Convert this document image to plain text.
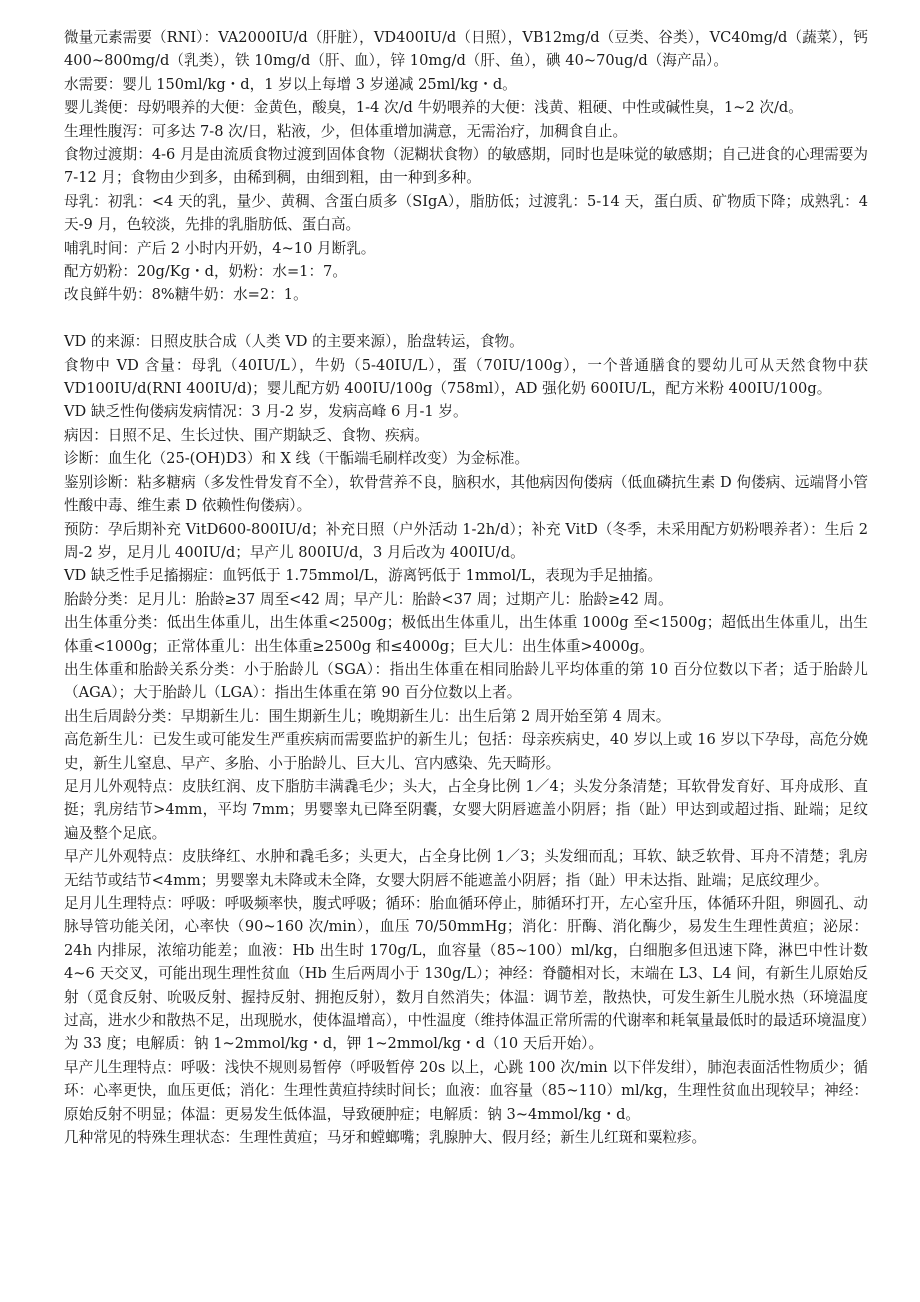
微量元素需要（RNI）：VA2000IU/d（肝脏），VD400IU/d（日照），VB12mg/d（豆类、谷类），VC40mg/d（蔬菜），钙 400~800mg/d（乳类），铁 10mg/d（肝、血），锌 10mg/d（肝、鱼），碘 40~70ug/d（海产品）。

水需要：婴儿 150ml/kg・d，1 岁以上每增 3 岁递减 25ml/kg・d。

婴儿粪便：母奶喂养的大便：金黄色，酸臭，1-4 次/d 牛奶喂养的大便：浅黄、粗硬、中性或碱性臭，1~2 次/d。

生理性腹泻：可多达 7-8 次/日，粘液，少，但体重增加满意，无需治疗，加稠食自止。

食物过渡期：4-6 月是由流质食物过渡到固体食物（泥糊状食物）的敏感期，同时也是味觉的敏感期；自己进食的心理需要为 7-12 月；食物由少到多，由稀到稠，由细到粗，由一种到多种。

母乳：初乳：<4 天的乳，量少、黄稠、含蛋白质多（SIgA），脂肪低；过渡乳：5-14 天，蛋白质、矿物质下降；成熟乳：4 天-9 月，色较淡，先排的乳脂肪低、蛋白高。

哺乳时间：产后 2 小时内开奶，4~10 月断乳。

配方奶粉：20g/Kg・d，奶粉：水=1：7。

改良鲜牛奶：8%糖牛奶：水=2：1。

VD 的来源：日照皮肤合成（人类 VD 的主要来源），胎盘转运，食物。

食物中 VD 含量：母乳（40IU/L），牛奶（5-40IU/L），蛋（70IU/100g），一个普通膳食的婴幼儿可从天然食物中获 VD100IU/d(RNI 400IU/d)；婴儿配方奶 400IU/100g（758ml），AD 强化奶 600IU/L，配方米粉 400IU/100g。

VD 缺乏性佝偻病发病情况：3 月-2 岁，发病高峰 6 月-1 岁。

病因：日照不足、生长过快、围产期缺乏、食物、疾病。

诊断：血生化（25-(OH)D3）和 X 线（干骺端毛刷样改变）为金标准。

鉴别诊断：粘多糖病（多发性骨发育不全），软骨营养不良，脑积水，其他病因佝偻病（低血磷抗生素 D 佝偻病、远端肾小管性酸中毒、维生素 D 依赖性佝偻病）。

预防：孕后期补充 VitD600-800IU/d；补充日照（户外活动 1-2h/d）；补充 VitD（冬季，未采用配方奶粉喂养者）：生后 2 周-2 岁，足月儿 400IU/d；早产儿 800IU/d，3 月后改为 400IU/d。

VD 缺乏性手足搐搦症：血钙低于 1.75mmol/L，游离钙低于 1mmol/L，表现为手足抽搐。

胎龄分类：足月儿：胎龄≥37 周至<42 周；早产儿：胎龄<37 周；过期产儿：胎龄≥42 周。

出生体重分类：低出生体重儿，出生体重<2500g；极低出生体重儿，出生体重 1000g 至<1500g；超低出生体重儿，出生体重<1000g；正常体重儿：出生体重≥2500g 和≤4000g；巨大儿：出生体重>4000g。

出生体重和胎龄关系分类：小于胎龄儿（SGA）：指出生体重在相同胎龄儿平均体重的第 10 百分位数以下者；适于胎龄儿（AGA）；大于胎龄儿（LGA）：指出生体重在第 90 百分位数以上者。

出生后周龄分类：早期新生儿：围生期新生儿；晚期新生儿：出生后第 2 周开始至第 4 周末。

高危新生儿：已发生或可能发生严重疾病而需要监护的新生儿；包括：母亲疾病史，40 岁以上或 16 岁以下孕母，高危分娩史，新生儿窒息、早产、多胎、小于胎龄儿、巨大儿、宫内感染、先天畸形。

足月儿外观特点：皮肤红润、皮下脂肪丰满毳毛少；头大，占全身比例 1／4；头发分条清楚；耳软骨发育好、耳舟成形、直挺；乳房结节>4mm，平均 7mm；男婴睾丸已降至阴囊，女婴大阴唇遮盖小阴唇；指（趾）甲达到或超过指、趾端；足纹遍及整个足底。

早产儿外观特点：皮肤绛红、水肿和毳毛多；头更大，占全身比例 1／3；头发细而乱；耳软、缺乏软骨、耳舟不清楚；乳房无结节或结节<4mm；男婴睾丸未降或未全降，女婴大阴唇不能遮盖小阴唇；指（趾）甲未达指、趾端；足底纹理少。

足月儿生理特点：呼吸：呼吸频率快，腹式呼吸；循环：胎血循环停止，肺循环打开，左心室升压，体循环升阻，卵圆孔、动脉导管功能关闭，心率快（90~160 次/min），血压 70/50mmHg；消化：肝酶、消化酶少，易发生生理性黄疸；泌尿：24h 内排尿，浓缩功能差；血液：Hb 出生时 170g/L，血容量（85~100）ml/kg，白细胞多但迅速下降，淋巴中性计数 4~6 天交叉，可能出现生理性贫血（Hb 生后两周小于 130g/L）；神经：脊髓相对长，末端在 L3、L4 间，有新生儿原始反射（觅食反射、吮吸反射、握持反射、拥抱反射），数月自然消失；体温：调节差，散热快，可发生新生儿脱水热（环境温度过高，进水少和散热不足，出现脱水，使体温增高），中性温度（维持体温正常所需的代谢率和耗氧量最低时的最适环境温度）为 33 度；电解质：钠 1~2mmol/kg・d，钾 1~2mmol/kg・d（10 天后开始）。

早产儿生理特点：呼吸：浅快不规则易暂停（呼吸暂停 20s 以上，心跳 100 次/min 以下伴发绀），肺泡表面活性物质少；循环：心率更快，血压更低；消化：生理性黄疸持续时间长；血液：血容量（85~110）ml/kg，生理性贫血出现较早；神经：原始反射不明显；体温：更易发生低体温，导致硬肿症；电解质：钠 3~4mmol/kg・d。

几种常见的特殊生理状态：生理性黄疸；马牙和螳螂嘴；乳腺肿大、假月经；新生儿红斑和粟粒疹。
